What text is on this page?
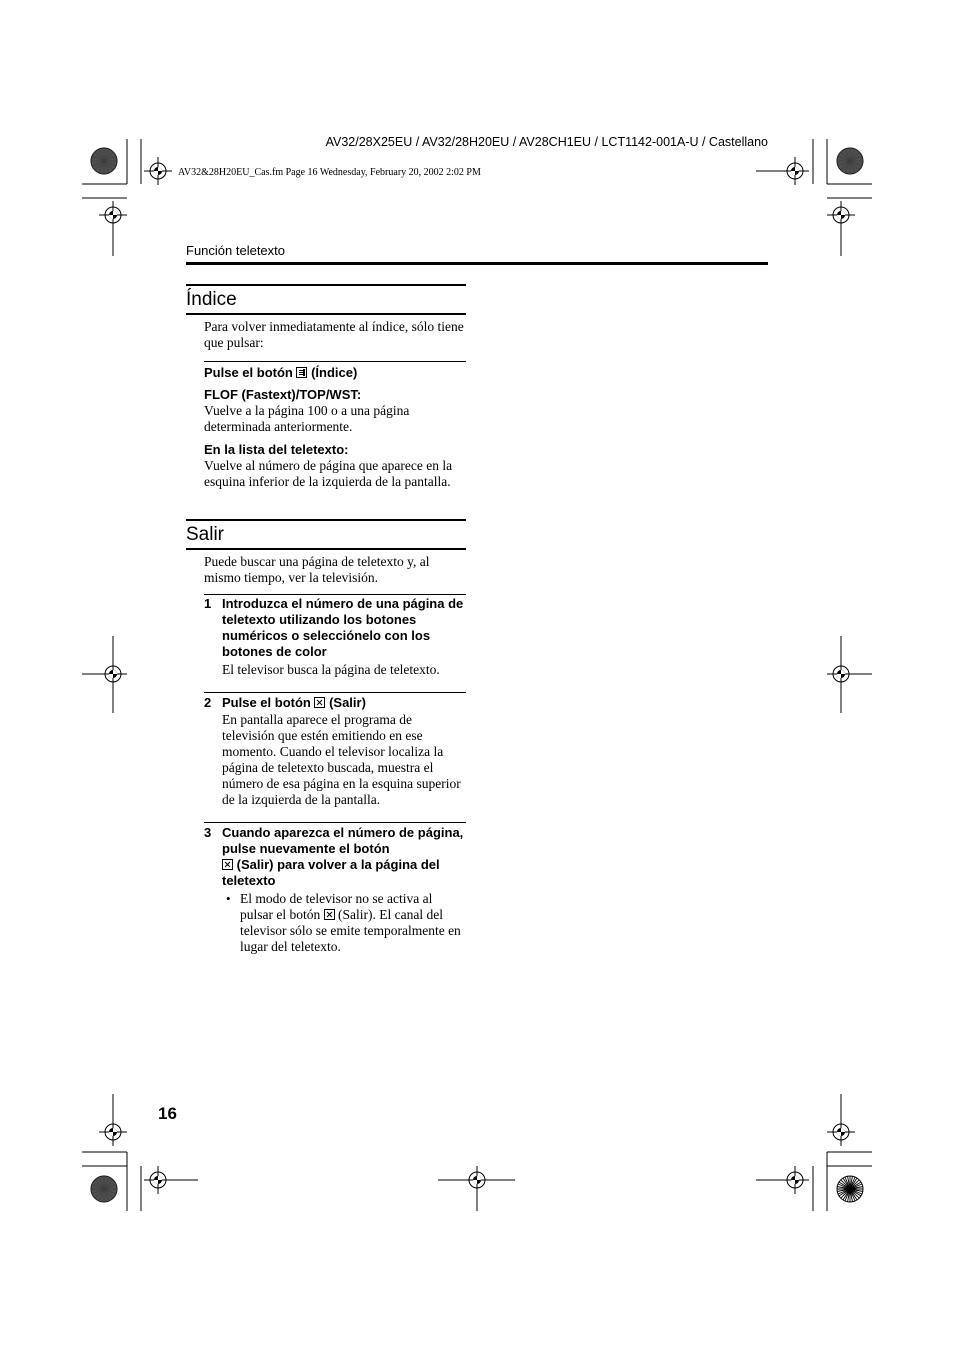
AV32/28X25EU / AV32/28H20EU / AV28CH1EU / LCT1142-001A-U / Castellano
AV32&28H20EU_Cas.fm Page 16 Wednesday, February 20, 2002 2:02 PM
Función teletexto
Índice
Para volver inmediatamente al índice, sólo tiene que pulsar:
Pulse el botón  (Índice)
FLOF (Fastext)/TOP/WST:
Vuelve a la página 100 o a una página determinada anteriormente.
En la lista del teletexto:
Vuelve al número de página que aparece en la esquina inferior de la izquierda de la pantalla.
Salir
Puede buscar una página de teletexto y, al mismo tiempo, ver la televisión.
1 Introduzca el número de una página de teletexto utilizando los botones numéricos o selecciónelo con los botones de color
El televisor busca la página de teletexto.
2 Pulse el botón  (Salir)
En pantalla aparece el programa de televisión que estén emitiendo en ese momento. Cuando el televisor localiza la página de teletexto buscada, muestra el número de esa página en la esquina superior de la izquierda de la pantalla.
3 Cuando aparezca el número de página, pulse nuevamente el botón
(Salir) para volver a la página del teletexto
• El modo de televisor no se activa al pulsar el botón  (Salir). El canal del televisor sólo se emite temporalmente en lugar del teletexto.
16
